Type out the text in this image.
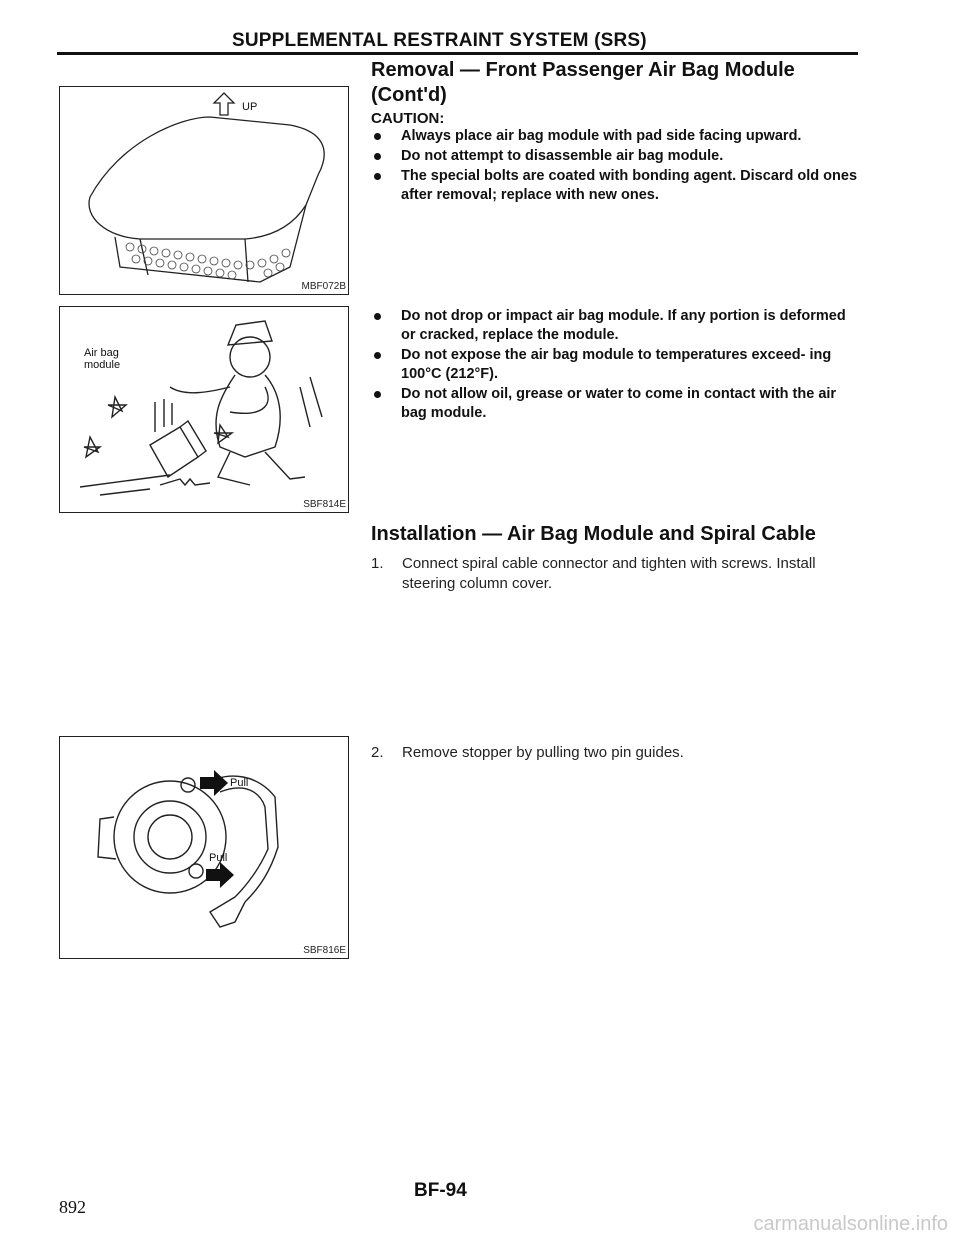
SUPPLEMENTAL RESTRAINT SYSTEM (SRS)
UP
MBF072B
Air bag
module
SBF814E
Pull
Pull
SBF816E
Removal — Front Passenger Air Bag Module
(Cont'd)
CAUTION:
Always place air bag module with pad side facing upward.
Do not attempt to disassemble air bag module.
The special bolts are coated with bonding agent. Discard old ones after removal; replace with new ones.
Do not drop or impact air bag module. If any portion is deformed or cracked, replace the module.
Do not expose the air bag module to temperatures exceed- ing 100°C (212°F).
Do not allow oil, grease or water to come in contact with the air bag module.
Installation — Air Bag Module and Spiral Cable
1.	Connect spiral cable connector and tighten with screws. Install steering column cover.
2.	Remove stopper by pulling two pin guides.
BF-94
892
carmanualsonline.info
